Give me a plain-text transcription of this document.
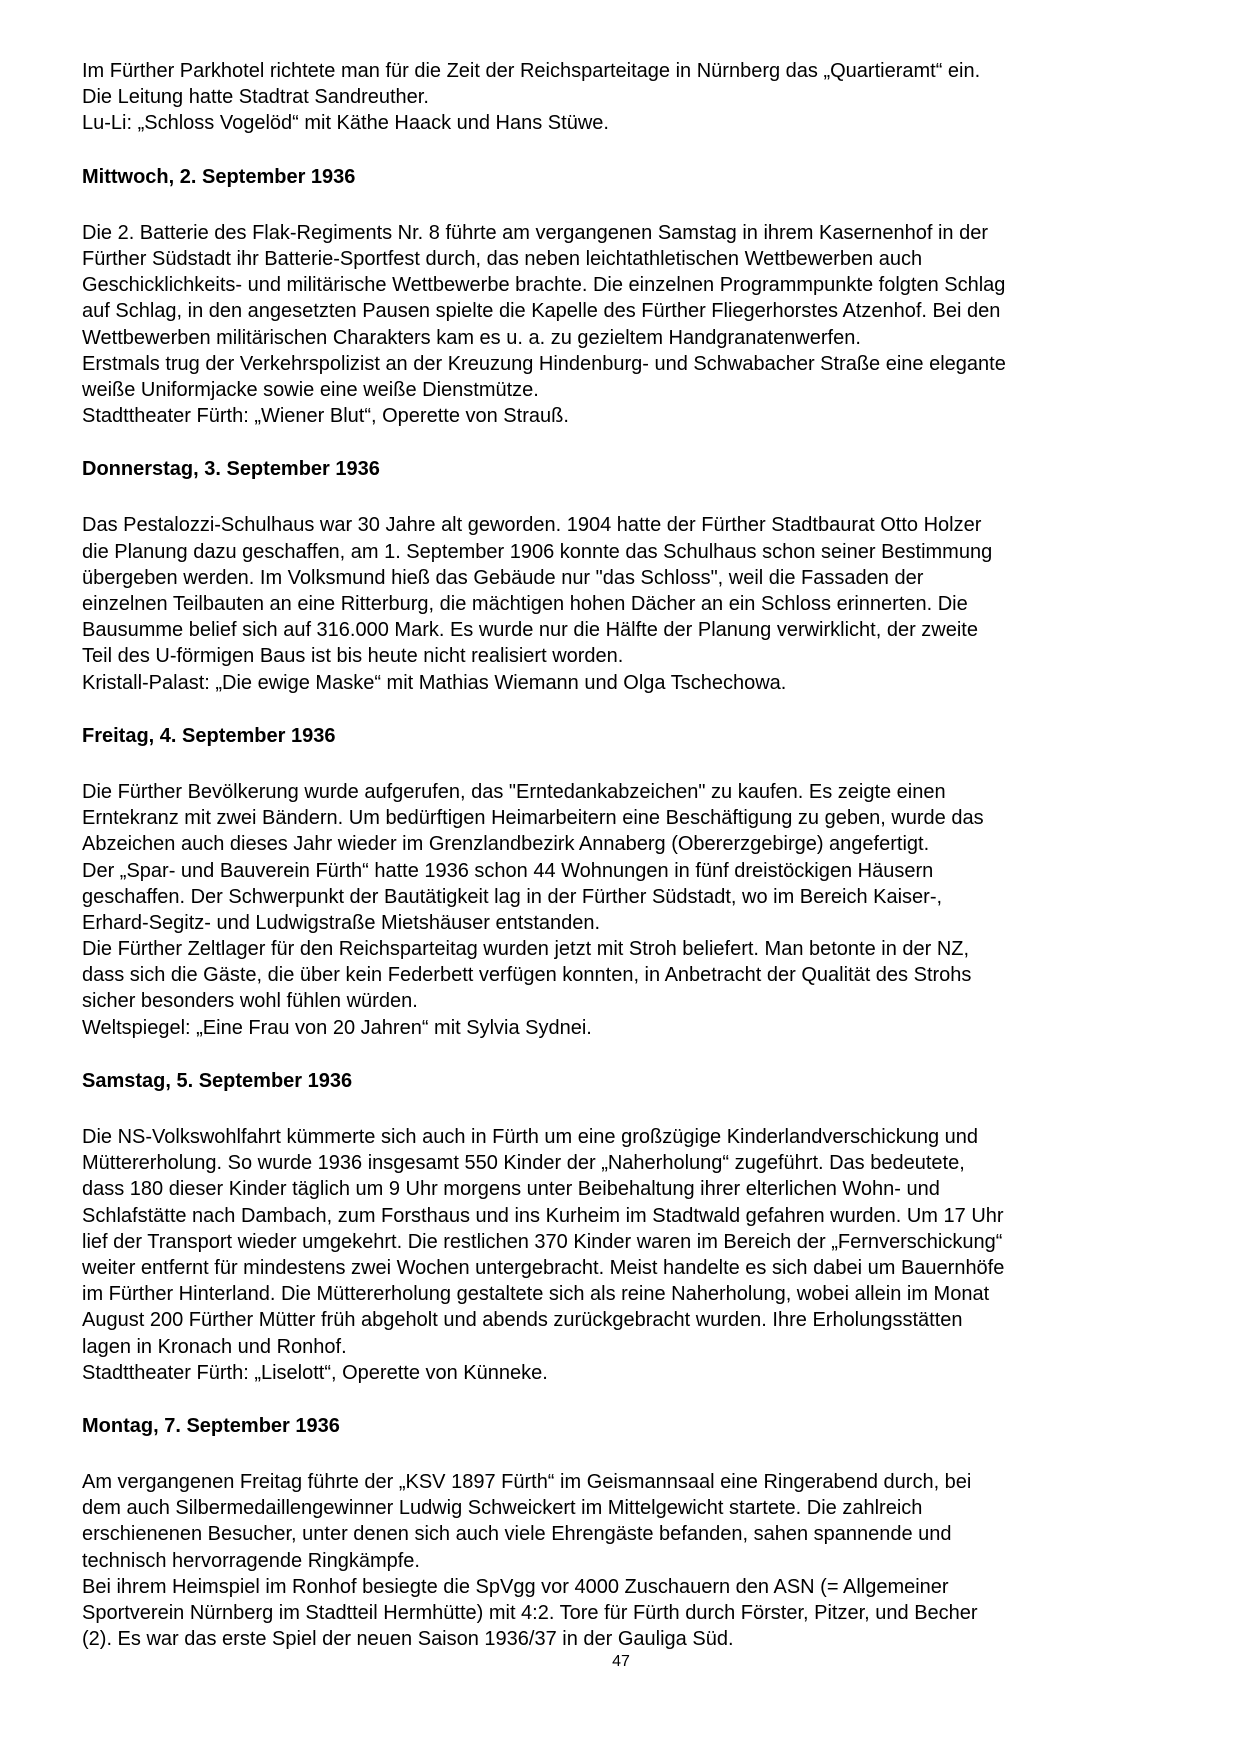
Im Fürther Parkhotel richtete man für die Zeit der Reichsparteitage in Nürnberg das „Quartieramt“ ein.
Die Leitung hatte Stadtrat Sandreuther.
Lu-Li: „Schloss Vogelöd“ mit Käthe Haack und Hans Stüwe.
Mittwoch, 2. September 1936
Die 2. Batterie des Flak-Regiments Nr. 8 führte am vergangenen Samstag in ihrem Kasernenhof in der
Fürther Südstadt ihr Batterie-Sportfest durch, das neben leichtathletischen Wettbewerben auch
Geschicklichkeits- und militärische Wettbewerbe brachte. Die einzelnen Programmpunkte folgten Schlag
auf Schlag, in den angesetzten Pausen spielte die Kapelle des Fürther Fliegerhorstes Atzenhof. Bei den
Wettbewerben militärischen Charakters kam es u. a. zu gezieltem Handgranatenwerfen.
Erstmals trug der Verkehrspolizist an der Kreuzung Hindenburg- und Schwabacher Straße eine elegante
weiße Uniformjacke sowie eine weiße Dienstmütze.
Stadttheater Fürth: „Wiener Blut“, Operette von Strauß.
Donnerstag, 3. September 1936
Das Pestalozzi-Schulhaus war 30 Jahre alt geworden. 1904 hatte der Fürther Stadtbaurat Otto Holzer
die Planung dazu geschaffen, am 1. September 1906 konnte das Schulhaus schon seiner Bestimmung
übergeben werden. Im Volksmund hieß das Gebäude nur "das Schloss", weil die Fassaden der
einzelnen Teilbauten an eine Ritterburg, die mächtigen hohen Dächer an ein Schloss erinnerten. Die
Bausumme belief sich auf 316.000 Mark. Es wurde nur die Hälfte der Planung verwirklicht, der zweite
Teil des U-förmigen Baus ist bis heute nicht realisiert worden.
Kristall-Palast: „Die ewige Maske“ mit Mathias Wiemann und Olga Tschechowa.
Freitag, 4. September 1936
Die Fürther Bevölkerung wurde aufgerufen, das "Erntedankabzeichen" zu kaufen. Es zeigte einen
Erntekranz mit zwei Bändern. Um bedürftigen Heimarbeitern eine Beschäftigung zu geben, wurde das
Abzeichen auch dieses Jahr wieder im Grenzlandbezirk Annaberg (Obererzgebirge) angefertigt.
Der „Spar- und Bauverein Fürth“ hatte 1936 schon 44 Wohnungen in fünf dreistöckigen Häusern
geschaffen. Der Schwerpunkt der Bautätigkeit lag in der Fürther Südstadt, wo im Bereich Kaiser-,
Erhard-Segitz- und Ludwigstraße Mietshäuser entstanden.
Die Fürther Zeltlager für den Reichsparteitag wurden jetzt mit Stroh beliefert. Man betonte in der NZ,
dass sich die Gäste, die über kein Federbett verfügen konnten, in Anbetracht der Qualität des Strohs
sicher besonders wohl fühlen würden.
Weltspiegel: „Eine Frau von 20 Jahren“ mit Sylvia Sydnei.
Samstag, 5. September 1936
Die NS-Volkswohlfahrt kümmerte sich auch in Fürth um eine großzügige Kinderlandverschickung und
Müttererholung. So wurde 1936 insgesamt 550 Kinder der „Naherholung“ zugeführt. Das bedeutete,
dass 180 dieser Kinder täglich um 9 Uhr morgens unter Beibehaltung ihrer elterlichen Wohn- und
Schlafstätte nach Dambach, zum Forsthaus und ins Kurheim im Stadtwald gefahren wurden. Um 17 Uhr
lief der Transport wieder umgekehrt. Die restlichen 370 Kinder waren im Bereich der „Fernverschickung“
weiter entfernt für mindestens zwei Wochen untergebracht. Meist handelte es sich dabei um Bauernhöfe
im Fürther Hinterland. Die Müttererholung gestaltete sich als reine Naherholung, wobei allein im Monat
August 200 Fürther Mütter früh abgeholt und abends zurückgebracht wurden. Ihre Erholungsstätten
lagen in Kronach und Ronhof.
Stadttheater Fürth: „Liselott“, Operette von Künneke.
Montag, 7. September 1936
Am vergangenen Freitag führte der „KSV 1897 Fürth“ im Geismannsaal eine Ringerabend durch, bei
dem auch Silbermedaillengewinner Ludwig Schweickert im Mittelgewicht startete. Die zahlreich
erschienenen Besucher, unter denen sich auch viele Ehrengäste befanden, sahen spannende und
technisch hervorragende Ringkämpfe.
Bei ihrem Heimspiel im Ronhof besiegte die SpVgg vor 4000 Zuschauern den ASN (= Allgemeiner
Sportverein Nürnberg im Stadtteil Hermhütte) mit 4:2. Tore für Fürth durch Förster, Pitzer, und Becher
(2). Es war das erste Spiel der neuen Saison 1936/37 in der Gauliga Süd.
47
